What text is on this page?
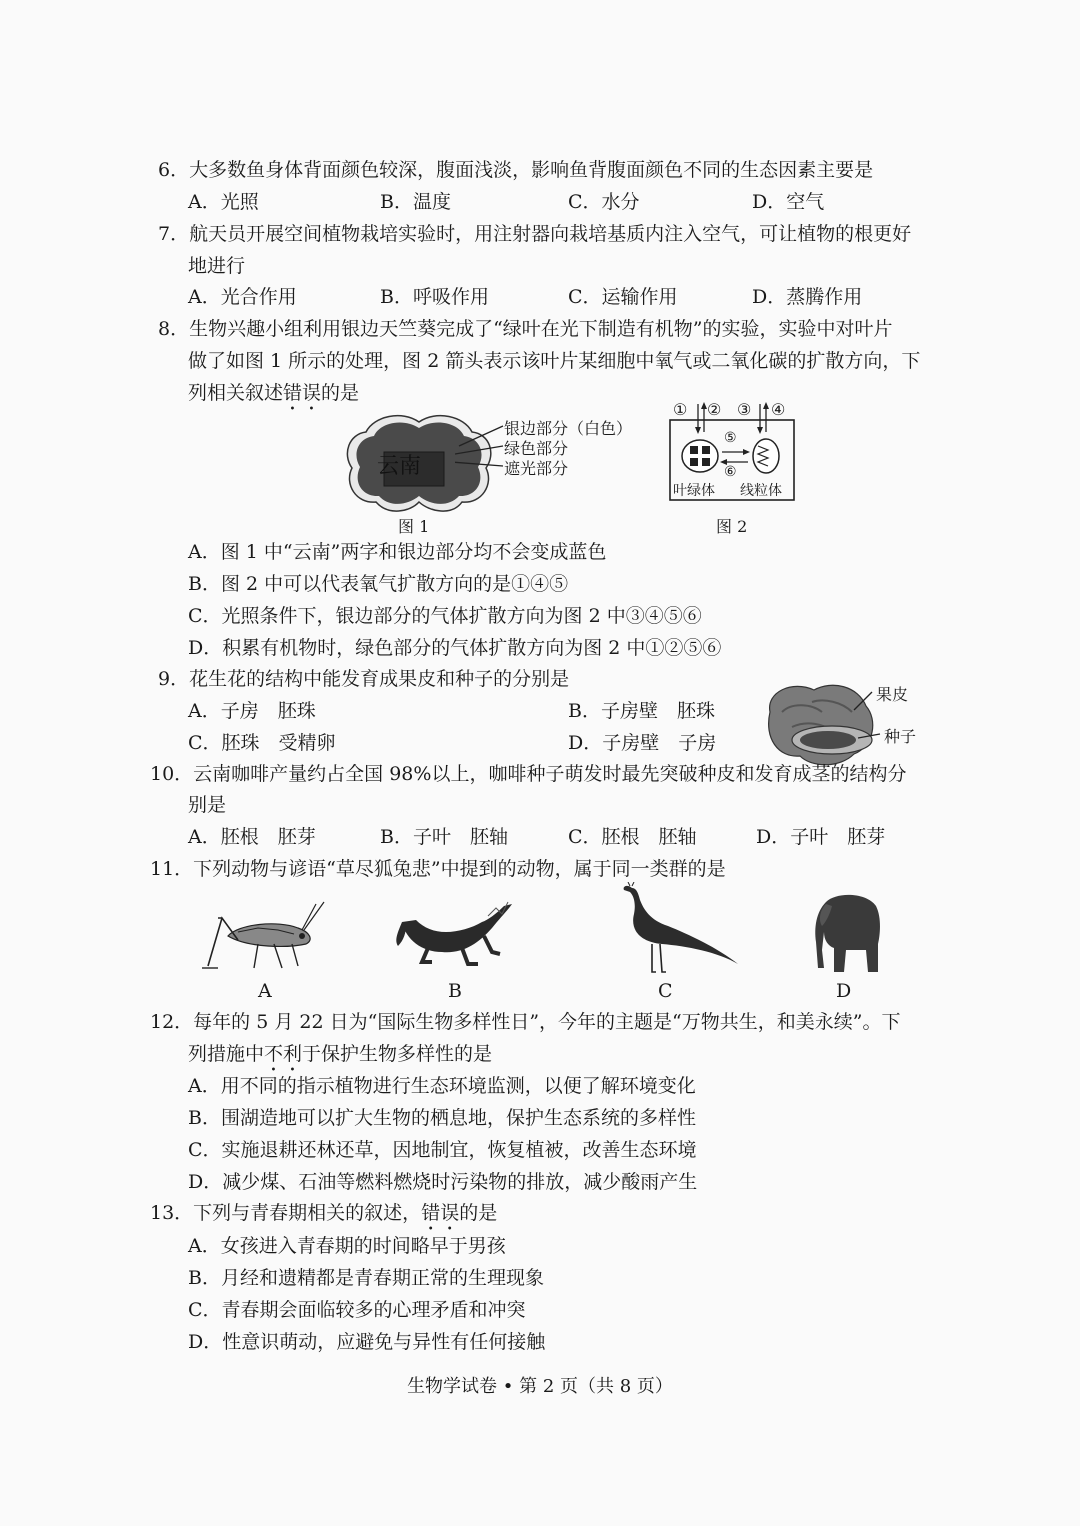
6．大多数鱼身体背面颜色较深，腹面浅淡，影响鱼背腹面颜色不同的生态因素主要是
A．光照	B．温度	C．水分	D．空气
7．航天员开展空间植物栽培实验时，用注射器向栽培基质内注入空气，可让植物的根更好
地进行
A．光合作用	B．呼吸作用	C．运输作用	D．蒸腾作用
8．生物兴趣小组利用银边天竺葵完成了“绿叶在光下制造有机物”的实验，实验中对叶片
做了如图 1 所示的处理，图 2 箭头表示该叶片某细胞中氧气或二氧化碳的扩散方向，下
列相关叙述错误的是
云南
银边部分（白色）
绿色部分
遮光部分
图 1
① ② ③ ④
⑤
⑥
叶绿体 线粒体
图 2
A．图 1 中“云南”两字和银边部分均不会变成蓝色
B．图 2 中可以代表氧气扩散方向的是①④⑤
C．光照条件下，银边部分的气体扩散方向为图 2 中③④⑤⑥
D．积累有机物时，绿色部分的气体扩散方向为图 2 中①②⑤⑥
9．花生花的结构中能发育成果皮和种子的分别是
A．子房　胚珠	B．子房壁　胚珠
C．胚珠　受精卵	D．子房壁　子房
果皮
种子
10．云南咖啡产量约占全国 98%以上，咖啡种子萌发时最先突破种皮和发育成茎的结构分
别是
A．胚根　胚芽	B．子叶　胚轴	C．胚根　胚轴	D．子叶　胚芽
11．下列动物与谚语“草尽狐兔悲”中提到的动物，属于同一类群的是
A	B	C	D
12．每年的 5 月 22 日为“国际生物多样性日”，今年的主题是“万物共生，和美永续”。下
列措施中不利于保护生物多样性的是
A．用不同的指示植物进行生态环境监测，以便了解环境变化
B．围湖造地可以扩大生物的栖息地，保护生态系统的多样性
C．实施退耕还林还草，因地制宜，恢复植被，改善生态环境
D．减少煤、石油等燃料燃烧时污染物的排放，减少酸雨产生
13．下列与青春期相关的叙述，错误的是
A．女孩进入青春期的时间略早于男孩
B．月经和遗精都是青春期正常的生理现象
C．青春期会面临较多的心理矛盾和冲突
D．性意识萌动，应避免与异性有任何接触
生物学试卷 • 第 2 页（共 8 页）
